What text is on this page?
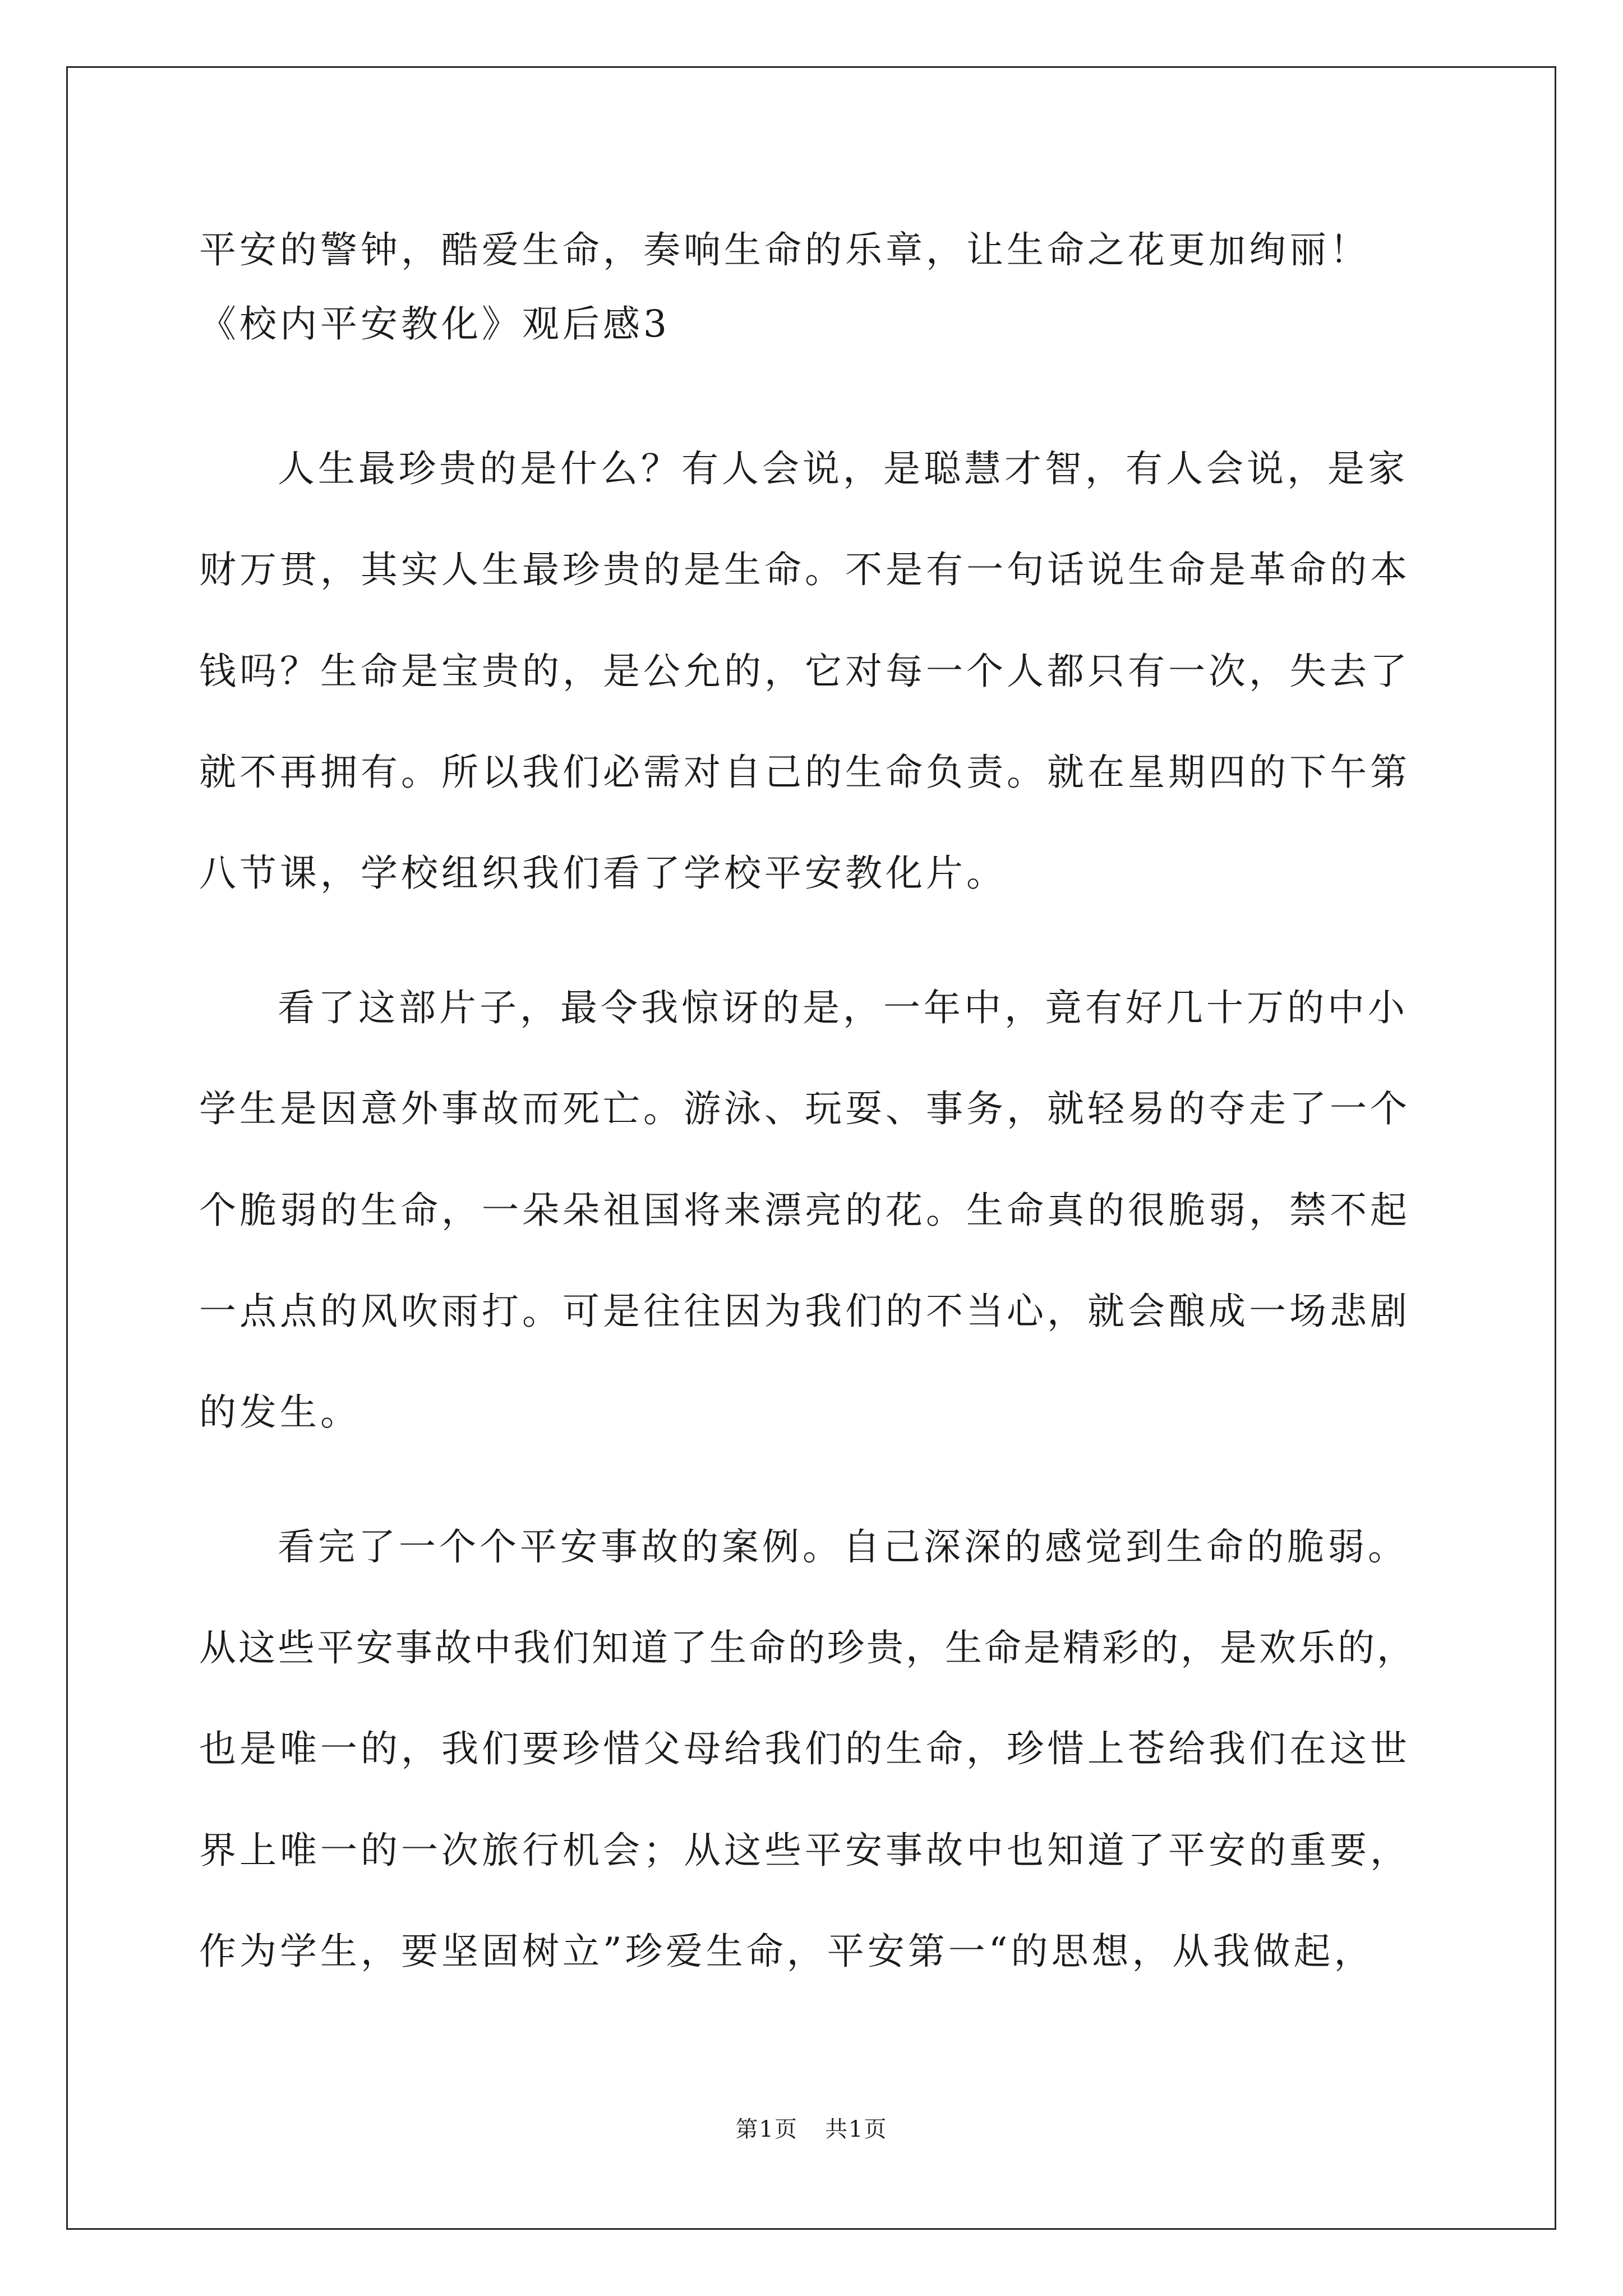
平安的警钟，酷爱生命，奏响生命的乐章，让生命之花更加绚丽！
《校内平安教化》观后感3
人生最珍贵的是什么？有人会说，是聪慧才智，有人会说，是家
财万贯，其实人生最珍贵的是生命。不是有一句话说生命是革命的本
钱吗？生命是宝贵的，是公允的，它对每一个人都只有一次，失去了
就不再拥有。所以我们必需对自己的生命负责。就在星期四的下午第
八节课，学校组织我们看了学校平安教化片。
看了这部片子，最令我惊讶的是，一年中，竟有好几十万的中小
学生是因意外事故而死亡。游泳、玩耍、事务，就轻易的夺走了一个
个脆弱的生命，一朵朵祖国将来漂亮的花。生命真的很脆弱，禁不起
一点点的风吹雨打。可是往往因为我们的不当心，就会酿成一场悲剧
的发生。
看完了一个个平安事故的案例。自己深深的感觉到生命的脆弱。
从这些平安事故中我们知道了生命的珍贵，生命是精彩的，是欢乐的，
也是唯一的，我们要珍惜父母给我们的生命，珍惜上苍给我们在这世
界上唯一的一次旅行机会；从这些平安事故中也知道了平安的重要，
作为学生，要坚固树立”珍爱生命，平安第一“的思想，从我做起，
第1页 共1页
